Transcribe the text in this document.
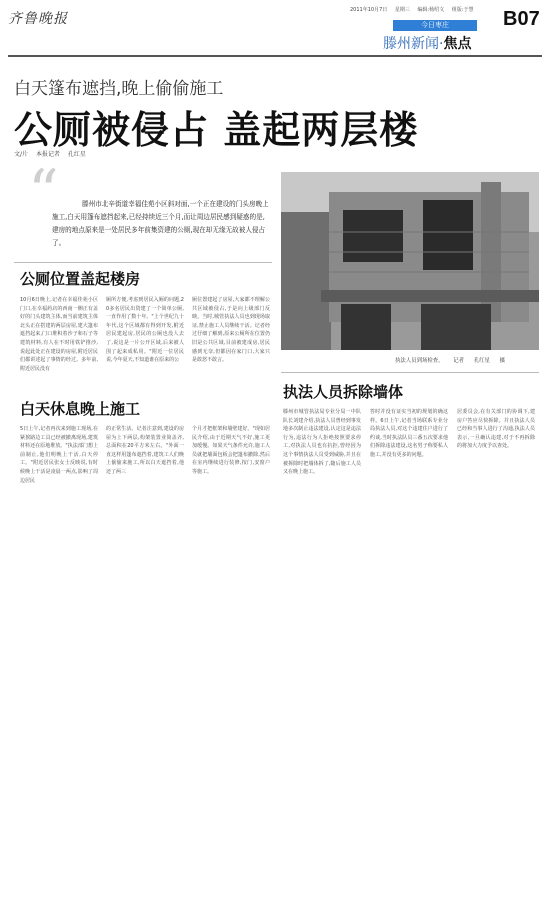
齐鲁晚报
2011年10月7日 星期三 编辑:杨绍文 组版:于慧
今日枣庄
滕州新闻·焦点
B07
白天篷布遮挡,晚上偷偷施工
公厕被侵占 盖起两层楼
文/片 本报记者 孔红星
“	滕州市北辛街道幸福佳苑小区斜对面,一个正在建设的门头房晚上施工,白天用篷布遮挡起来,已经持续近三个月,而让周边居民感到疑惑的是,建房的地点原来是一处居民多年前集资建的公厕,现在却无缘无故被人侵占了。
执法人员到场检查。 记者 孔红星 摄
公厕位置盖起楼房
10月6日晚上,记者在幸福佳苑小区门口,在幸福药店的西南一侧正有盖好的门头建筑主体,而当前建筑主体北头正在搭建的两层房屋,建大篷布遮挡起来,门口堆积着沙子和石子等建筑材料,有人在不时用铁铲推沙,说起此处正在建设的房屋,附近居民们都讲述起了事情的经过。多年前,附近居民没有
厕所方便,考虑到居民入厕的问题,20多名居民出资建了一个简单公厕,一直作用了数十年。"上个世纪九十年代,这个区域都有得到开发,附近居民建起房,居民的公厕也没人去了,说这是一片公开区域,后来被人围了起来成私用。"附近一位居民说,今年夏天,不知道谁在原来的公
厕位置建起了房屋,大家都不理解公共区域被侵占,于是向上级部门反映。当时,城管执法人员也到现场取证,禁止施工人员继续干活。记者经过仔细了解到,原来公厕所在位置仍旧是公共区域,目前被建成房,居民感到无奈,但都因在家门口,大家只是敢怒不敢言。
白天休息晚上施工
5日上午,记者再次来到施工现场,在紧挨路边工具已经被撤离现场,建筑材料还在原地堆放。"执法部门想上前制止,他们明晚上干活,白天停工。"附近居民张女士反映说,有时候晚上干活是凌晨一两点,影响了周边居民
的正常生活。记者注意到,建设的房屋为上下两层,构架装置业简盖齐,总面积在20平方米左右。"外面一直这样用篷布遮挡着,建筑工人们晚上偷偷来施工,所以白天遮挡着,他还了两三
个月才把框架和墙壁建好。"现如居民介绍,由于近期天气不好,施工更加缓慢。如果天气条件允许,施工人员就把墙面包板会把篷布撤除,然后在室内继续进行装修,按门,安窗户等施工。
执法人员拆除墙体
滕州市城管执法局专业分局一中队队长刘建介绍,执法人员曾经到事发地多次制止违法建设,认定这是违法行为,违法行为人拒绝按照要求停工,对执法人员也有抗拒,曾经因为这个事情执法人员受到威胁,并且在被拆除时把墙体拆了,随后施工人员又在晚上施工。
答时并没有证实当初的规划的确这样。6日上午,记者当场联系专业分局执法人员,对这个违建住户进行了约谈,当时执法队员三番五次要求他们拆除违法建设,这名男子称要私人施工,并没有更多的问题。
居委员会,在有关部门的协调下,建房户答应尽快拆除。并且执法人员已经和当事人进行了沟通,执法人员表示,一旦确认违建,对于不再拆除的将加大力度予以查处。
